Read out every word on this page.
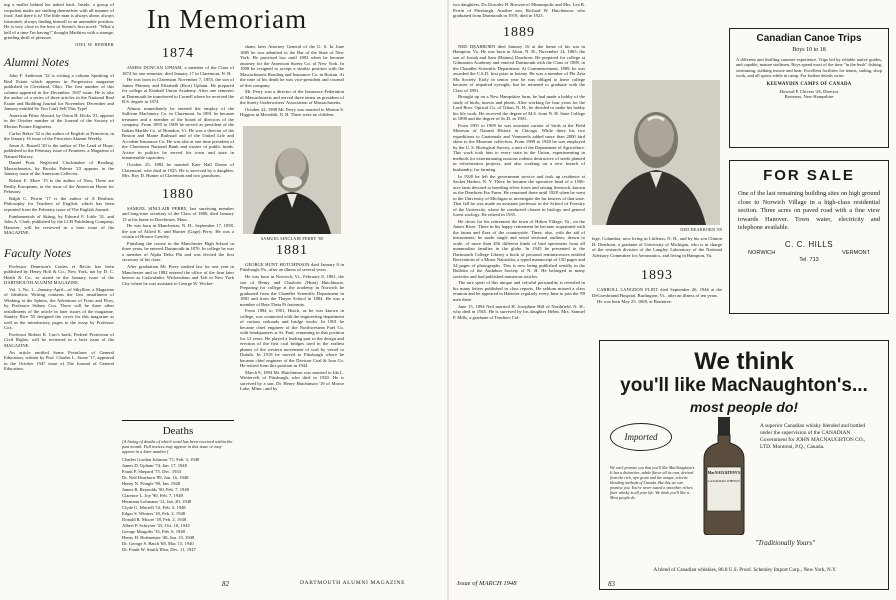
ing a mallet behind his naked back. Inside, a group of corpulent nudes are stuffing themselves with all manner of food. And there it is! The little man is always alone, always frustrated, always finding himself in an untenable position. He is very close to the hero of Sterne's first novel: "What a hell of a time I'm having!" thought Matthieu with a strange, grinding thrill of pleasure.

JOEL W. REBBER
Alumni Notes

John F. Anderson '32 is writing a column Speaking of Real Estate which appears in Progressive magazine published in Cleveland, Ohio. The first number of this column appeared in the December, 1947 issue. He is also the author of a series of three articles in the National Real Estate and Building Journal for November, December and January entitled So You Can't Sell This Type!

American Films Abroad, by Orton H. Hicks '21, appears in the October number of the Journal of the Society of Motion Picture Engineers.

Carlos Baker '32 is the author of English at Princeton, in the January 16 issue of the Princeton Alumni Weekly.

Jason A. Russell '20 is the author of The Land of Hope, published in the February issue of Frontiers, a Magazine of Natural History.

Daniel Pratt, Neglected Clockmaker of Reading, Massachusetts, by Brooks Palmer '23 appears in the January issue of the American Collector.

Robert E. More '15 is the author of Now, There are Really Europeans, in the issue of the American Home for February.

Ralph C. Perrin '17 is the author of A Realistic Philosophy for Teachers of English, which has been reprinted from the February issue of The English Journal.

Fundamentals of Skiing, by Edward F. Little '31, and John A. Clark, published by the LCB Publishing Company, Hanover, will be reviewed in a later issue of the MAGAZINE.

Faculty Notes

Professor Dennison's Contes et Récits has been published by Henry Holt & Co., New York, not by D. C. Heath & Co., as stated in the January issue of the DARTMOUTH ALUMNI MAGAZINE.

Vol. 1, No. 1—January-April—of Sibylline, a Magazine of Idealistic Writing contains the first installment of Winking at the Sphinx, the Adventure of Form and Flow, by Professor Sidney Cox. There will be three other installments of the article in later issues of the magazine. Stanley Rice '55 designed the cover for this magazine as well as the introductory pages to the essay by Professor Cox.

Professor Robert K. Carr's book, Federal Protection of Civil Rights, will be reviewed in a later issue of the MAGAZINE.

An article entitled Some Postulates of General Education, written by Prof. Charles L. Stone '17, appeared in the October 1947 issue of The Journal of General Education.

In Memoriam
1874

JAMES DUNCAN UPHAM, a member of the Class of 1874 for one semester, died January 17 in Claremont, N. H.

He was born in Claremont November 7, 1855, the son of James Phinney and Elizabeth (Rice) Upham. He prepared for college at Kimball Union Academy. After one semester at Dartmouth he transferred to Cornell where he received the B.S. degree in 1874.

Almost immediately he entered the employ of the Sullivan Machinery Co. in Claremont. In 1891 he became treasurer and a member of the board of directors of the company. From 1895 to 1909 he served as president of the Italian Marble Co. of Brandon, Vt. He was a director of the Boston and Maine Railroad and of the United Life and Accident Insurance Co. He was also at one time president of the Claremont National Bank and trustee of public funds. Active in politics he served his town and state in innumerable capacities.

October 25, 1882 he married Kate Hall Deane of Claremont, who died in 1925. He is survived by a daughter, Mrs. Roy D. Hunter of Claremont and two grandsons.

1880

SAMUEL SINCLAIR PERRY, last surviving member and long-time secretary of the Class of 1880, died January 15 at his home in Dorchester, Mass.

He was born in Manchester, N. H., September 17, 1858, the son of Alfred E. and Harriet (Gage) Perry. He was a cousin of Horace Greeley.

Finishing the course in the Manchester High School in three years, he entered Dartmouth in 1876. In college he was a member of Alpha Delta Phi and was elected the first secretary of his class.

After graduation Mr. Perry studied law for one year in Manchester and in 1882 entered the office of the firm later known as Cadwalader, Wickersham and Taft in New York City where he was assistant to George W. Wicker-

Deaths
[A listing of deaths of which word has been received within the past month. Full notices may appear in this issue or may appear in a later number.]
Charles Gordon Johnson '71, Feb. 3, 1948
James D. Upham '74, Jan. 17, 1948
Frank P. Shepard '75, Dec. 1933
Dr. Ned Dearborn '89, Jan. 16, 1948
Henry N. Pringle '90, Jan. 1948
James B. Reynolds '90, Feb. 7, 1948
Clarence L. Joy '90, Feb. 7, 1948
Hermann Lohmann '12, Jan. 20, 1948
Clyde G. Morrell '12, Feb. 5, 1948
Edgar S. Winters '18, Feb. 2, 1948
Donald R. Moore '18, Feb. 2, 1948
Albert P. Schryver '25, Oct. 10, 1945
George Margolis '35, Feb. 6, 1948
Henry H. Hofmeister '40, Jan. 13, 1948
Dr. George S. Batch '68, Mar. 15, 1940
Dr. Frank W. Smith '85m, Dec. 11, 1947

sham, later Attorney General of the U. S. In June 1885 he was admitted to the Bar of the State of New York. He practised law until 1892 when he became attorney for the American Surety Co. of New York. In 1908 he resigned to accept a similar position with the Massachusetts Bonding and Insurance Co. in Boston. At the time of his death he was vice-president and counsel of this company.

Mr. Perry was a director of the Insurance Federation of Massachusetts and served three terms as president of the Surety Underwriters' Association of Massachusetts.

October 24, 1908 Mr. Perry was married to Marion S. Higgins in Meredith, N. H. There were no children.

SAMUEL SINCLAIR PERRY '80
1881

GEORGE HUNT HUTCHINSON died January 8 in Pittsburgh, Pa., after an illness of several years.

He was born in Norwich, Vt., February 8, 1861, the son of Henry and Charlotte (Hunt) Hutchinson. Preparing for college at the academy in Norwich he graduated from the Chandler Scientific Department in 1881 and from the Thayer School in 1884. He was a member of Beta Theta Pi fraternity.

From 1884 to 1901, Hutch, as he was known in college, was connected with the engineering department of various railroads and bridge works. In 1901 he became chief engineer of the Northwestern Fuel Co. with headquarters at St. Paul, remaining in that position for 12 years. He played a leading part in the design and erection of the first coal bridges used in the earliest phases of the western movement of coal by vessel to Duluth. In 1918 he moved to Pittsburgh where he became chief engineer of the Davison Coal & Iron Co. He retired from this position in 1944.

March 8, 1894 Mr. Hutchinson was married to Ida L. Westervelt of Pittsburgh, who died in 1920. He is survived by a son, Dr. Henry Hutchinson '19 of Moose Lake, Minn.; and by

82	DARTMOUTH ALUMNI MAGAZINE

two daughters, Dr. Dorothy H. Browne of Minneapolis and Mrs. Lea B. Perrin of Pittsburgh. Another son, Richard W. Hutchinson, who graduated from Dartmouth in 1919, died in 1923.

1889

NED DEARBORN died January 16 at the home of his son in Hampton, Va. He was born in Alton, N. H., November 14, 1865, the son of Josiah and Sara (Haines) Dearborn. He prepared for college at Gilmanton Academy and entered Dartmouth with the Class of 1889, in the Chandler Scientific Department. At Commencement, 1889, he was awarded the C.S.D. first prize in botany. He was a member of Phi Zeta Mu Society. Early in senior year he was obliged to leave college because of impaired eyesight, but he returned to graduate with the Class of 1891.

Brought up on a New Hampshire farm, he had made a hobby of the study of birds, insects and plants. After working for four years for the Lord Bros. Optical Co. of Tilton, N. H., he decided to make his hobby his life work. He received the degree of M.S. from N. H. State College in 1898 and the degree of Sc.D. in 1901.

From 1901 to 1909 he was assistant curator of birds at the Field Museum of Natural History in Chicago. While there his two expeditions to Guatemala and Venezuela added more than 2000 bird skins to the Museum collection. From 1909 to 1920 he was employed by the U. S. Biological Survey, a unit of the Department of Agriculture. This work took him to every state in the Union, experimenting in methods for exterminating noxious rodents destructive of seeds planted in reforestation projects, and also working on a new branch of husbandry, fur farming.

In 1920 he left the government service and took up residence at Sacket Harbor, N. Y. There he became the operative head of a 1500-acre farm devoted to breeding silver foxes and raising livestock, known as the Dearborn Fur Farm. He remained there until 1928 when he went to the University of Michigan to investigate the fur bearers of that state. That fall he was made an assistant professor in the School of Forestry of the University, where he conducted classes in biology and general forest zoology. He retired in 1935.

He chose for his retirement the town of Hilton Village, Va., on the James River. There in his happy retirement he became acquainted with the fauna and flora of the countryside. There, also, with the aid of instruments, he made single and serial sectional outlines, drawn to scale, of more than 450 different kinds of bird specimens from all mammalian families in the globe. In 1945 he presented to the Dartmouth College Library a book of personal reminiscences entitled Recreations of a Minor Naturalist, a typed manuscript of 150 pages and 34 pages of photographs. This is now being published serially in the Bulletin of the Audubon Society of N. H. He belonged to many societies and had published numerous articles.

The rare spirit of this unique and colorful personality is revealed in his many letters published in class reports. He seldom missed a class reunion and he appeared in Hanover regularly every June to join the '89 men there.

June 15, 1894 Ned married H. Josephine Hill of Northfield, N. H., who died in 1945. He is survived by his daughter Helen, Mrs. Samuel P. Mills, a graduate of Teachers Col-

NED DEARBORN '89

lege, Columbia, now living in Littleton, N. H., and by his son Clinton H. Dearborn, a graduate of University of Michigan, who is in charge of the research division of the Langley Laboratory of the National Advisory Committee for Aeronautics, and living in Hampton, Va.

1893

CARROLL LANGDON FLINT died September 26, 1946 at the DeGoesbriand Hospital, Burlington, Vt., after an illness of ten years.

He was born May 25, 1869, at Braintree.

Canadian Canoe Trips
Boys 10 to 18
A different and thrilling summer experience. Trips led by reliable native guides, and capable, mature staffmen. Boys spend most of the time "in the bush" fishing, swimming, stalking moose and bear. Excellent facilities for tennis, sailing, shop work, and all sports while in camp. For further details write:
KEEWAYDIN CAMPS OF CANADA
Howard P. Chivers '26, Director
Bowness, New Hampshire
FOR SALE
One of the last remaining building sites on high ground close to Norwich Village in a high-class residential section. Three acres on paved road with a fine view towards Hanover. Town water, electricity and telephone available.
C. C. HILLS
NORWICH	VERMONT
Tel. 713
We think
you'll like MacNaughton's...
most people do!
Imported
MacNAUGHTON'S
CANADIAN WHISKY
A superior Canadian whisky blended and bottled under the supervision of the CANADIAN Government for JOHN MACNAUGHTON CO., LTD. Montreal, P.Q., Canada.
We can't promise you that you'll like MacNaughton's. It has a distinctive, subtle flavor all its own, derived from the rich, ripe grain and the unique, eclectic blending methods of Canada. But this we can promise you. You've never tasted a smoother, richer, finer whisky in all your life. We think you'll like it. Most people do.
"Traditionally Yours"
A blend of Canadian whiskies, 86.8 U.S. Proof. Schenley Import Corp., New York, N.Y.
Issue of MARCH 1948	83
